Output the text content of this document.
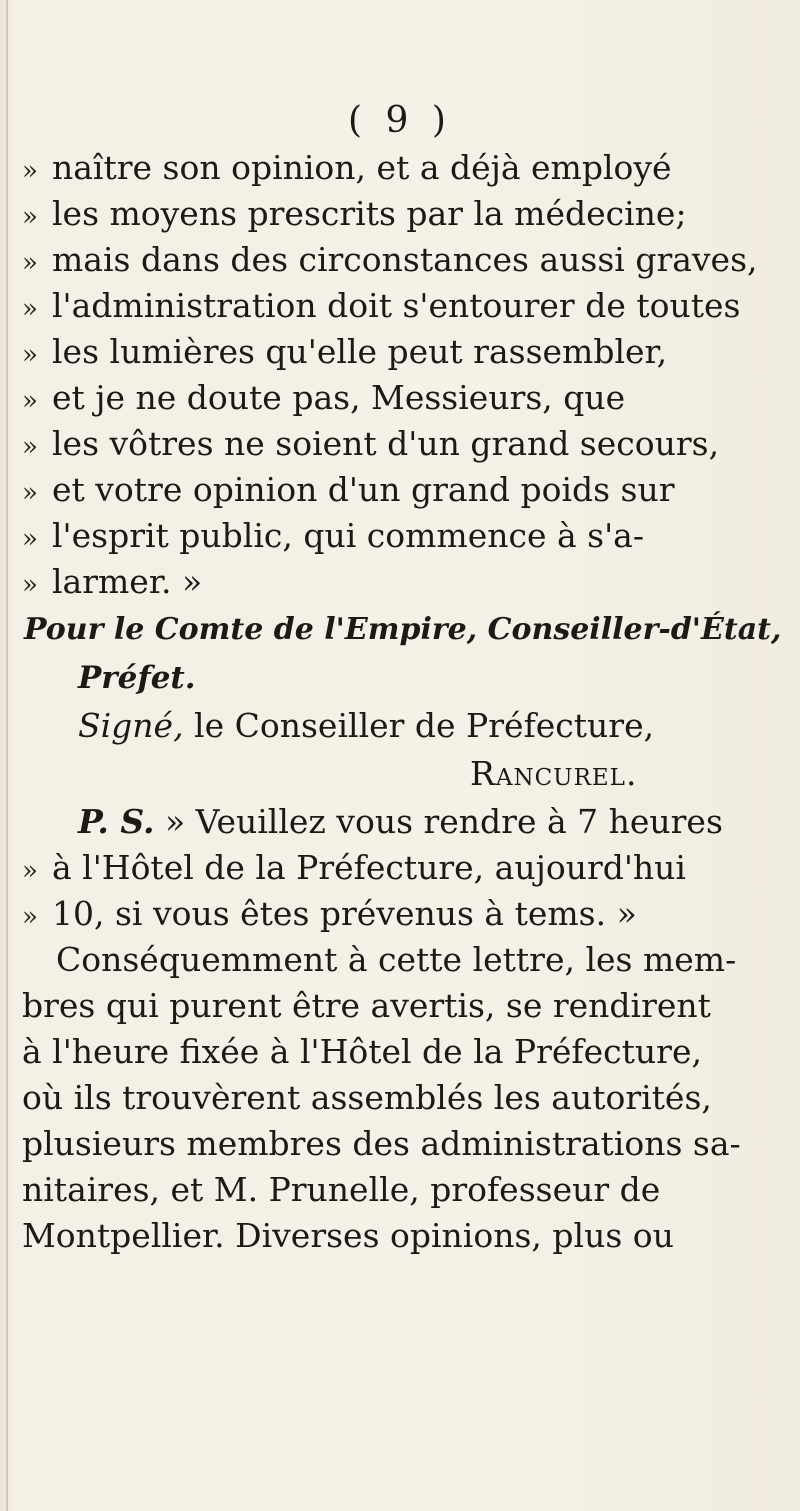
( 9 )
» naître son opinion, et a déjà employé
» les moyens prescrits par la médecine;
» mais dans des circonstances aussi graves,
» l'administration doit s'entourer de toutes
» les lumières qu'elle peut rassembler,
» et je ne doute pas, Messieurs, que
» les vôtres ne soient d'un grand secours,
» et votre opinion d'un grand poids sur
» l'esprit public, qui commence à s'a-
» larmer. »
Pour le Comte de l'Empire, Conseiller-d'État,
Préfet.
Signé, le Conseiller de Préfecture,
Rancurel.
P. S. » Veuillez vous rendre à 7 heures
» à l'Hôtel de la Préfecture, aujourd'hui
» 10, si vous êtes prévenus à tems. »
Conséquemment à cette lettre, les mem-
bres qui purent être avertis, se rendirent
à l'heure fixée à l'Hôtel de la Préfecture,
où ils trouvèrent assemblés les autorités,
plusieurs membres des administrations sa-
nitaires, et M. Prunelle, professeur de
Montpellier. Diverses opinions, plus ou
